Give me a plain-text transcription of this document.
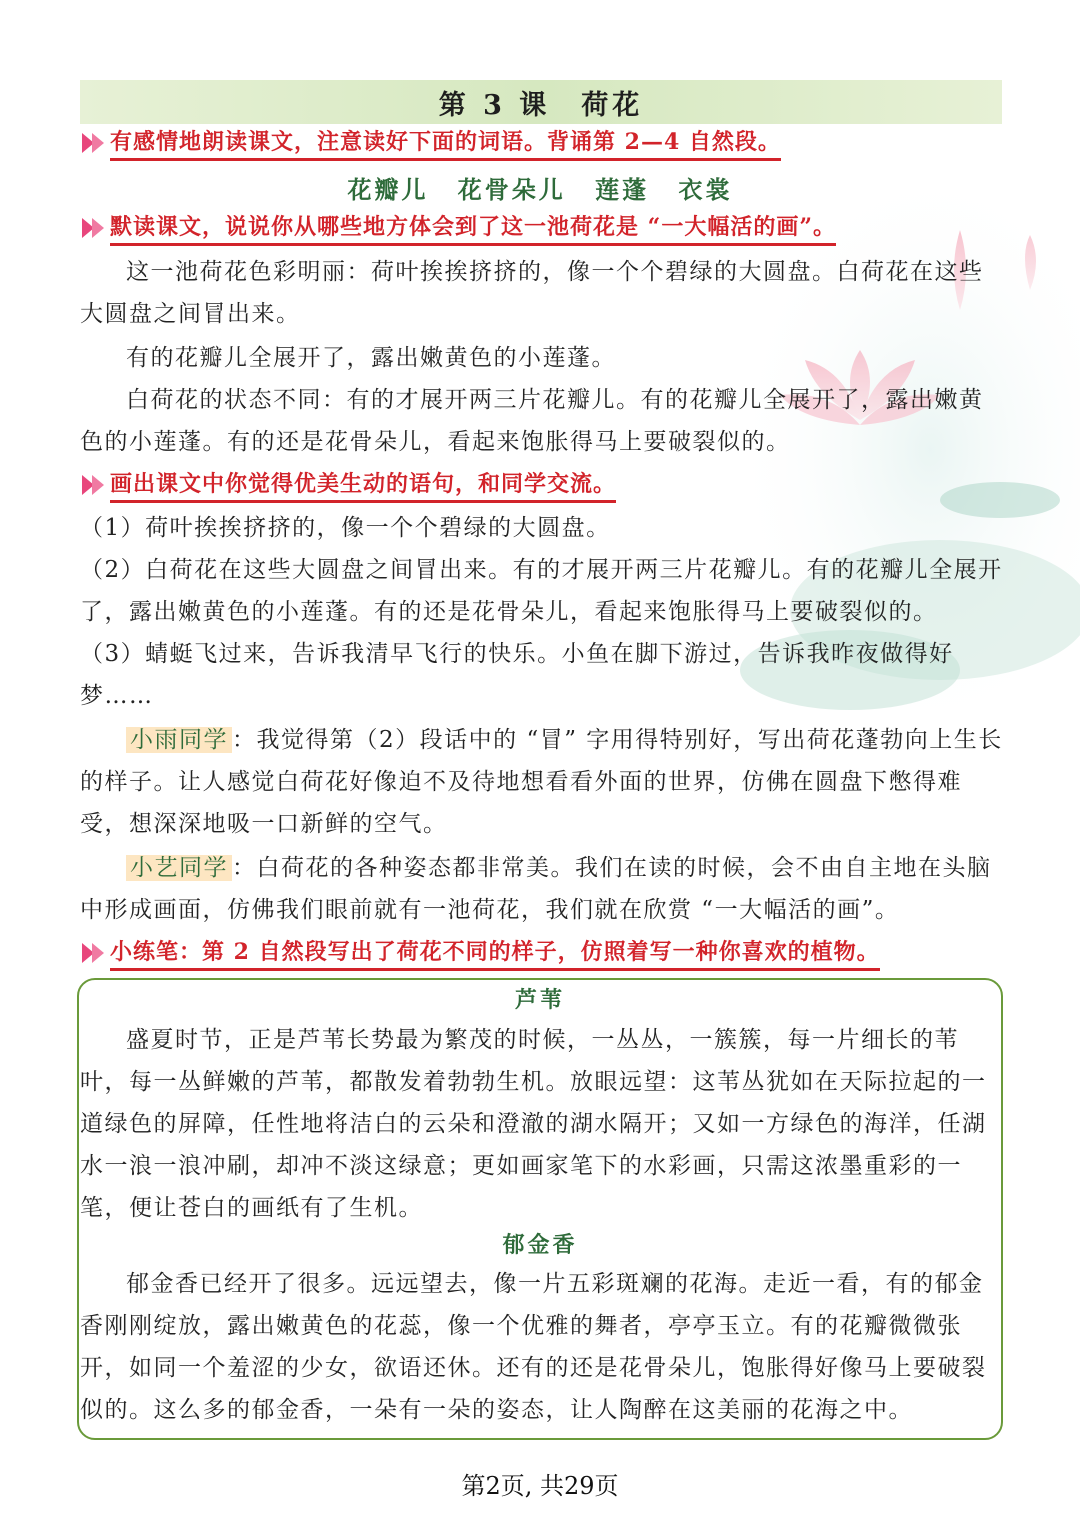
第 3 课　荷花
有感情地朗读课文，注意读好下面的词语。背诵第 2—4 自然段。
花瓣儿 花骨朵儿 莲蓬 衣裳
默读课文，说说你从哪些地方体会到了这一池荷花是 “一大幅活的画”。
这一池荷花色彩明丽：荷叶挨挨挤挤的，像一个个碧绿的大圆盘。白荷花在这些大圆盘之间冒出来。
有的花瓣儿全展开了，露出嫩黄色的小莲蓬。
白荷花的状态不同：有的才展开两三片花瓣儿。有的花瓣儿全展开了，露出嫩黄色的小莲蓬。有的还是花骨朵儿，看起来饱胀得马上要破裂似的。
画出课文中你觉得优美生动的语句，和同学交流。
（1）荷叶挨挨挤挤的，像一个个碧绿的大圆盘。
（2）白荷花在这些大圆盘之间冒出来。有的才展开两三片花瓣儿。有的花瓣儿全展开了，露出嫩黄色的小莲蓬。有的还是花骨朵儿，看起来饱胀得马上要破裂似的。
（3）蜻蜓飞过来，告诉我清早飞行的快乐。小鱼在脚下游过，告诉我昨夜做得好梦……
小雨同学 ：我觉得第（2）段话中的 “冒” 字用得特别好，写出荷花蓬勃向上生长的样子。让人感觉白荷花好像迫不及待地想看看外面的世界，仿佛在圆盘下憋得难受，想深深地吸一口新鲜的空气。
小艺同学 ：白荷花的各种姿态都非常美。我们在读的时候，会不由自主地在头脑中形成画面，仿佛我们眼前就有一池荷花，我们就在欣赏 “一大幅活的画”。
小练笔：第 2 自然段写出了荷花不同的样子，仿照着写一种你喜欢的植物。
芦苇
盛夏时节，正是芦苇长势最为繁茂的时候，一丛丛，一簇簇，每一片细长的苇叶，每一丛鲜嫩的芦苇，都散发着勃勃生机。放眼远望：这苇丛犹如在天际拉起的一道绿色的屏障，任性地将洁白的云朵和澄澈的湖水隔开；又如一方绿色的海洋，任湖水一浪一浪冲刷，却冲不淡这绿意；更如画家笔下的水彩画，只需这浓墨重彩的一笔，便让苍白的画纸有了生机。
郁金香
郁金香已经开了很多。远远望去，像一片五彩斑斓的花海。走近一看，有的郁金香刚刚绽放，露出嫩黄色的花蕊，像一个优雅的舞者，亭亭玉立。有的花瓣微微张开，如同一个羞涩的少女，欲语还休。还有的还是花骨朵儿，饱胀得好像马上要破裂似的。这么多的郁金香，一朵有一朵的姿态，让人陶醉在这美丽的花海之中。
第2页, 共29页
